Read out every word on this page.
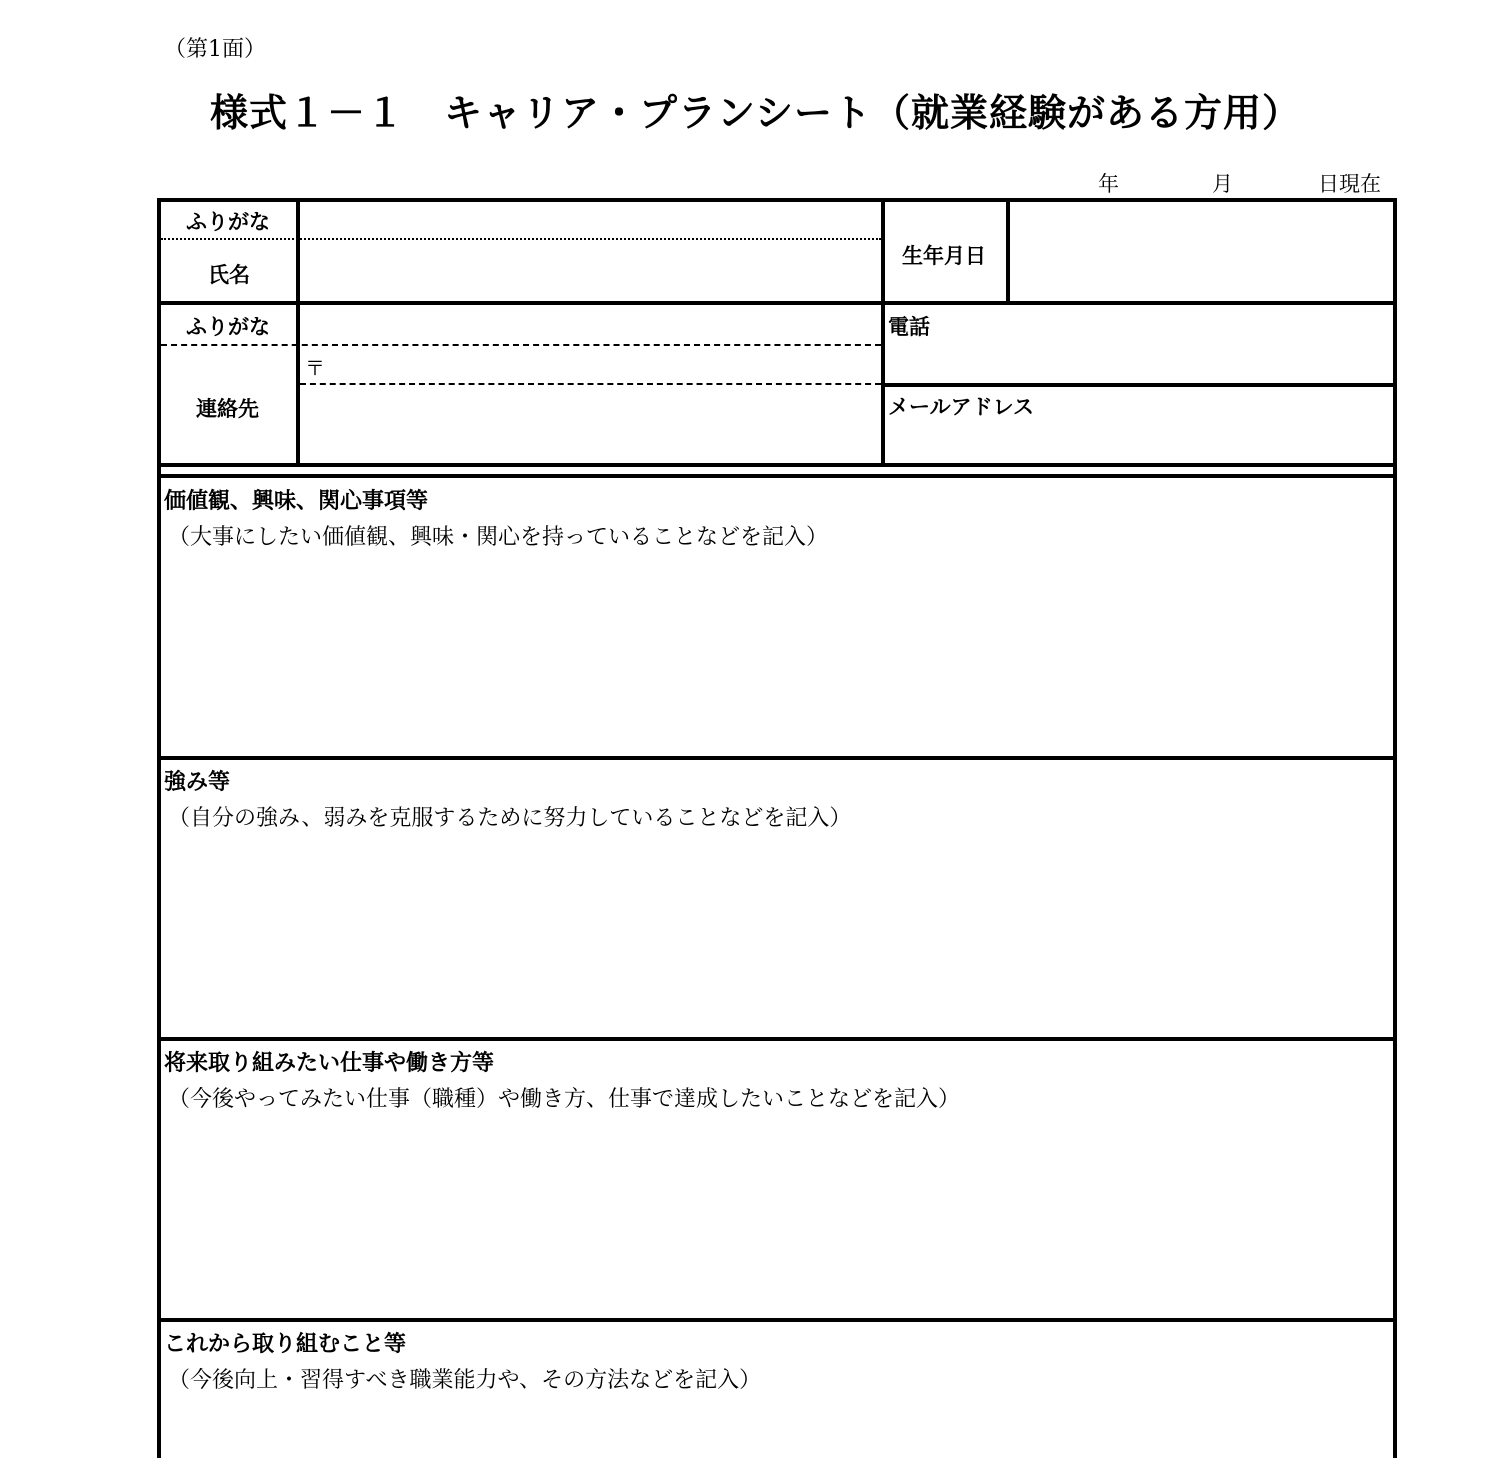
（第1面）
様式１－１　キャリア・プランシート（就業経験がある方用）
年	月	日現在
ふりがな
氏名
生年月日
ふりがな
連絡先
〒
電話
メールアドレス
価値観、興味、関心事項等
（大事にしたい価値観、興味・関心を持っていることなどを記入）
強み等
（自分の強み、弱みを克服するために努力していることなどを記入）
将来取り組みたい仕事や働き方等
（今後やってみたい仕事（職種）や働き方、仕事で達成したいことなどを記入）
これから取り組むこと等
（今後向上・習得すべき職業能力や、その方法などを記入）
